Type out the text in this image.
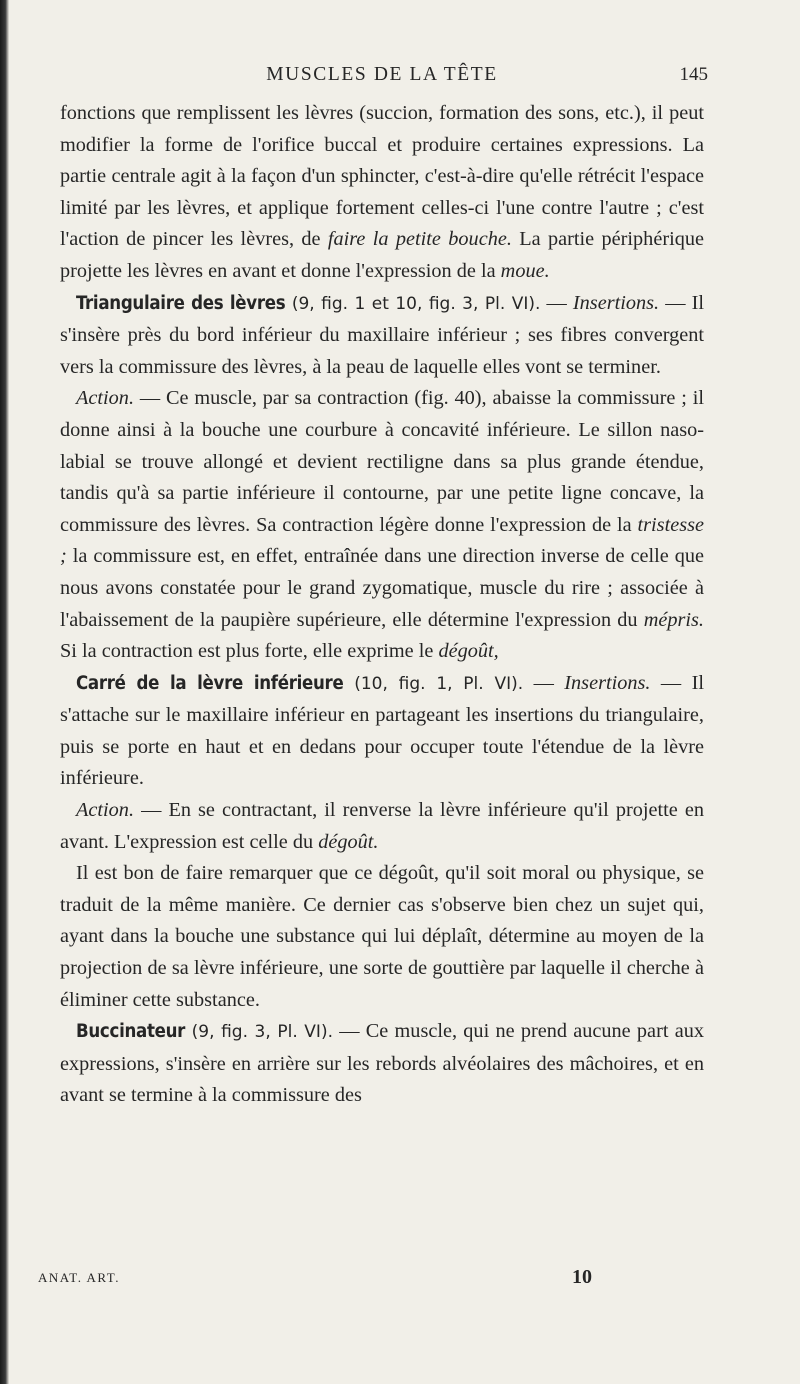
MUSCLES DE LA TÊTE	145

fonctions que remplissent les lèvres (succion, formation des sons, etc.), il peut modifier la forme de l'orifice buccal et produire certaines expressions. La partie centrale agit à la façon d'un sphincter, c'est-à-dire qu'elle rétrécit l'espace limité par les lèvres, et applique fortement celles-ci l'une contre l'autre ; c'est l'action de pincer les lèvres, de faire la petite bouche. La partie périphérique projette les lèvres en avant et donne l'expression de la moue.

Triangulaire des lèvres (9, fig. 1 et 10, fig. 3, Pl. VI). — Insertions. — Il s'insère près du bord inférieur du maxillaire inférieur ; ses fibres convergent vers la commissure des lèvres, à la peau de laquelle elles vont se terminer.

Action. — Ce muscle, par sa contraction (fig. 40), abaisse la commissure ; il donne ainsi à la bouche une courbure à concavité inférieure. Le sillon naso-labial se trouve allongé et devient rectiligne dans sa plus grande étendue, tandis qu'à sa partie inférieure il contourne, par une petite ligne concave, la commissure des lèvres. Sa contraction légère donne l'expression de la tristesse ; la commissure est, en effet, entraînée dans une direction inverse de celle que nous avons constatée pour le grand zygomatique, muscle du rire ; associée à l'abaissement de la paupière supérieure, elle détermine l'expression du mépris. Si la contraction est plus forte, elle exprime le dégoût,

Carré de la lèvre inférieure (10, fig. 1, Pl. VI). — Insertions. — Il s'attache sur le maxillaire inférieur en partageant les insertions du triangulaire, puis se porte en haut et en dedans pour occuper toute l'étendue de la lèvre inférieure.

Action. — En se contractant, il renverse la lèvre inférieure qu'il projette en avant. L'expression est celle du dégoût.

Il est bon de faire remarquer que ce dégoût, qu'il soit moral ou physique, se traduit de la même manière. Ce dernier cas s'observe bien chez un sujet qui, ayant dans la bouche une substance qui lui déplaît, détermine au moyen de la projection de sa lèvre inférieure, une sorte de gouttière par laquelle il cherche à éliminer cette substance.

Buccinateur (9, fig. 3, Pl. VI). — Ce muscle, qui ne prend aucune part aux expressions, s'insère en arrière sur les rebords alvéolaires des mâchoires, et en avant se termine à la commissure des

ANAT. ART.	10
